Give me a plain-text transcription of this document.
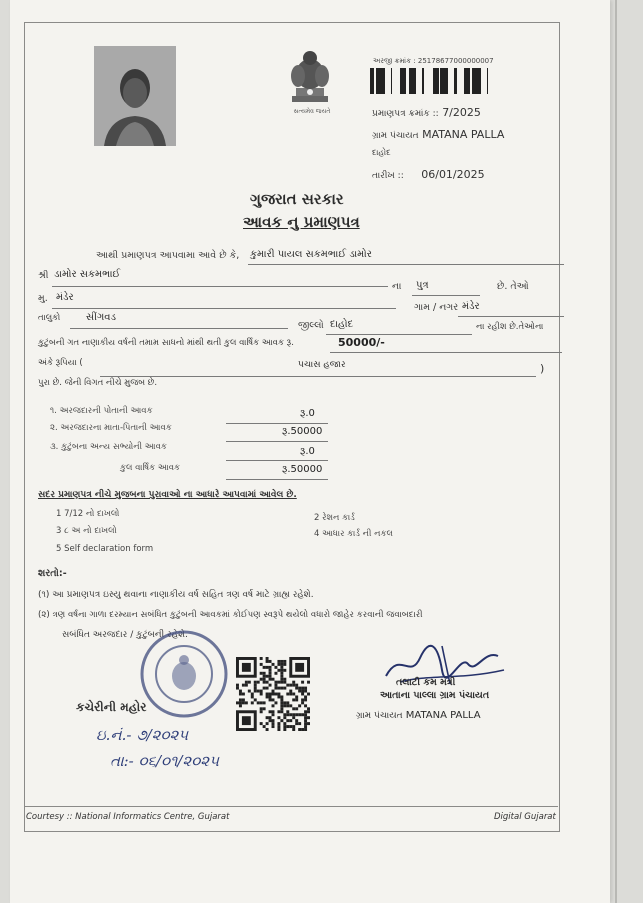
સત્યમેવ જયતે
અરજી ક્રમાંક : 25178677000000007
પ્રમાણપત્ર ક્રમાંક :: 7/2025
ગ્રામ પંચાયત MATANA PALLA
દાહોદ
તારીખ :: 06/01/2025
ગુજરાત સરકાર
આવક નુ પ્રમાણપત્ર
આથી પ્રમાણપત્ર આપવામા આવે છે કે, કુમારી પાયલ સકમભાઈ ડામોર
શ્રી ડામોર સકમભાઈ
ના પુત્ર	છે. તેઓ
મુ. મંડેર
ગામ / નગર મંડેર
તાલુકો	સીંગવડ
જીલ્લો દાહોદ	ના રહીશ છે.તેઓના
કુટુંબની ગત નાણાકીય વર્ષની તમામ સાધનો માંથી થતી કુલ વાર્ષિક આવક રૂ.	50000/-
અંકે રૂપિયા (	પચાસ હજાર	)
પુરા છે. જેની વિગત નીચે મુજબ છે.
૧. અરજદારની પોતાની આવક	રૂ.0
૨. અરજદારના માતા-પિતાની આવક	રૂ.50000
૩. કુટુંબના અન્ય સભ્યોની આવક	રૂ.0
કુલ વાર્ષિક આવક	રૂ.50000
સદર પ્રમાણપત્ર નીચે મુજબના પુરાવાઓ ના આધારે આપવામાં આવેલ છે.
1 7/12 નો દાખલો	2 રેશન કાર્ડ
3 ૮ અ નો દાખલો	4 આધાર કાર્ડ ની નકલ
5 Self declaration form
શરતો:-
(૧) આ પ્રમાણપત્ર ઇસ્યુ થવાના નાણાકીય વર્ષ સહિત ત્રણ વર્ષ માટે ગ્રાહ્ય રહેશે.
(૨) ત્રણ વર્ષના ગાળા દરમ્યાન સબંધિત કુટુંબની આવકમાં કોઈપણ સ્વરૂપે થયેલો વધારો જાહેર કરવાની જવાબદારી
સબંધિત અરજદાર / કુટુંબની રહેશે.
કચેરીની મહોર
ઇ.નં.- ૭/૨૦૨૫
તા:- ૦૬/૦૧/૨૦૨૫
તલાટી કમ મંત્રી
આતાના પાલ્લા ગ્રામ પંચાયત
ગ્રામ પંચાયત MATANA PALLA
Courtesy :: National Informatics Centre, Gujarat	Digital Gujarat
